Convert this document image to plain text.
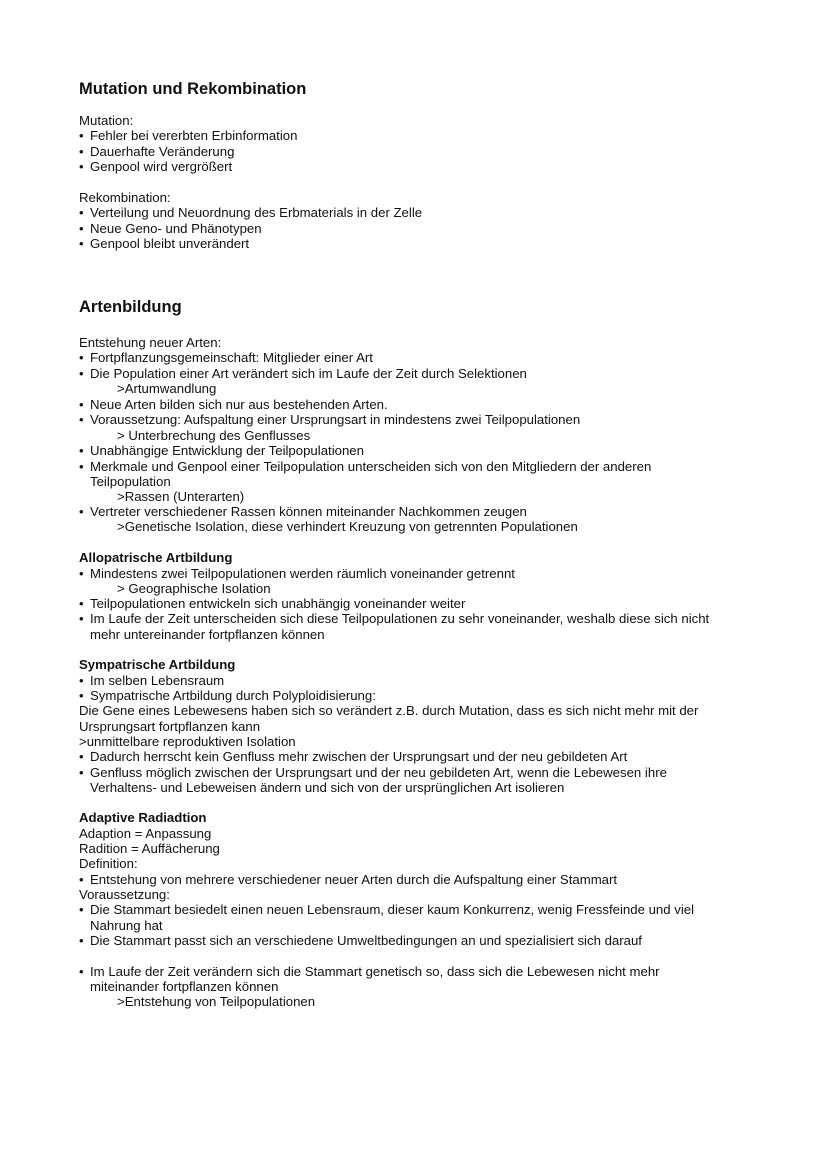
Mutation und Rekombination
Mutation:
• Fehler bei vererbten Erbinformation
• Dauerhafte Veränderung
• Genpool wird vergrößert
Rekombination:
• Verteilung und Neuordnung des Erbmaterials in der Zelle
• Neue Geno- und Phänotypen
• Genpool bleibt unverändert
Artenbildung
Entstehung neuer Arten:
• Fortpflanzungsgemeinschaft: Mitglieder einer Art
• Die Population einer Art verändert sich im Laufe der Zeit durch Selektionen
>Artumwandlung
• Neue Arten bilden sich nur aus bestehenden Arten.
• Voraussetzung: Aufspaltung einer Ursprungsart in mindestens zwei Teilpopulationen
> Unterbrechung des Genflusses
• Unabhängige Entwicklung der Teilpopulationen
• Merkmale und Genpool einer Teilpopulation unterscheiden sich von den Mitgliedern der anderen
Teilpopulation
>Rassen (Unterarten)
• Vertreter verschiedener Rassen können miteinander Nachkommen zeugen
>Genetische Isolation, diese verhindert Kreuzung von getrennten Populationen
Allopatrische Artbildung
• Mindestens zwei Teilpopulationen werden räumlich voneinander getrennt
> Geographische Isolation
• Teilpopulationen entwickeln sich unabhängig voneinander weiter
• Im Laufe der Zeit unterscheiden sich diese Teilpopulationen zu sehr voneinander, weshalb diese sich nicht
mehr untereinander fortpflanzen können
Sympatrische Artbildung
• Im selben Lebensraum
• Sympatrische Artbildung durch Polyploidisierung:
Die Gene eines Lebewesens haben sich so verändert z.B. durch Mutation, dass es sich nicht mehr mit der
Ursprungsart fortpflanzen kann
>unmittelbare reproduktiven Isolation
• Dadurch herrscht kein Genfluss mehr zwischen der Ursprungsart und der neu gebildeten Art
• Genfluss möglich zwischen der Ursprungsart und der neu gebildeten Art, wenn die Lebewesen ihre
Verhaltens- und Lebeweisen ändern und sich von der ursprünglichen Art isolieren
Adaptive Radiadtion
Adaption = Anpassung
Radition = Auffächerung
Definition:
• Entstehung von mehrere verschiedener neuer Arten durch die Aufspaltung einer Stammart
Voraussetzung:
• Die Stammart besiedelt einen neuen Lebensraum, dieser kaum Konkurrenz, wenig Fressfeinde und viel
Nahrung hat
• Die Stammart passt sich an verschiedene Umweltbedingungen an und spezialisiert sich darauf
• Im Laufe der Zeit verändern sich die Stammart genetisch so, dass sich die Lebewesen nicht mehr
miteinander fortpflanzen können
>Entstehung von Teilpopulationen
